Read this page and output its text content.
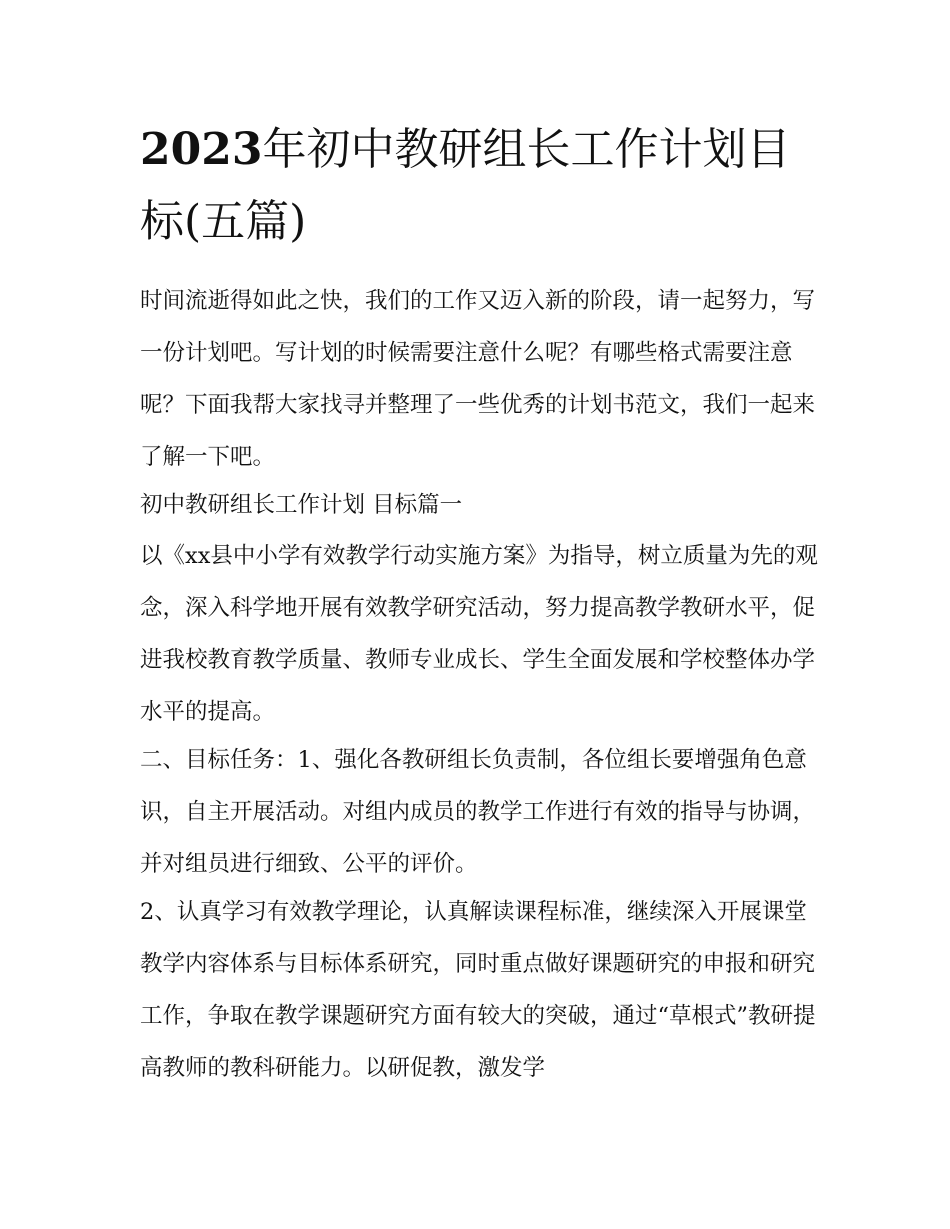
2023年初中教研组长工作计划目标(五篇)

时间流逝得如此之快，我们的工作又迈入新的阶段，请一起努力，写一份计划吧。写计划的时候需要注意什么呢？有哪些格式需要注意呢？下面我帮大家找寻并整理了一些优秀的计划书范文，我们一起来了解一下吧。

初中教研组长工作计划 目标篇一

以《xx县中小学有效教学行动实施方案》为指导，树立质量为先的观念，深入科学地开展有效教学研究活动，努力提高教学教研水平，促进我校教育教学质量、教师专业成长、学生全面发展和学校整体办学水平的提高。

二、目标任务：1、强化各教研组长负责制，各位组长要增强角色意识，自主开展活动。对组内成员的教学工作进行有效的指导与协调，并对组员进行细致、公平的评价。

2、认真学习有效教学理论，认真解读课程标准，继续深入开展课堂教学内容体系与目标体系研究，同时重点做好课题研究的申报和研究工作，争取在教学课题研究方面有较大的突破，通过“草根式”教研提高教师的教科研能力。以研促教，激发学
